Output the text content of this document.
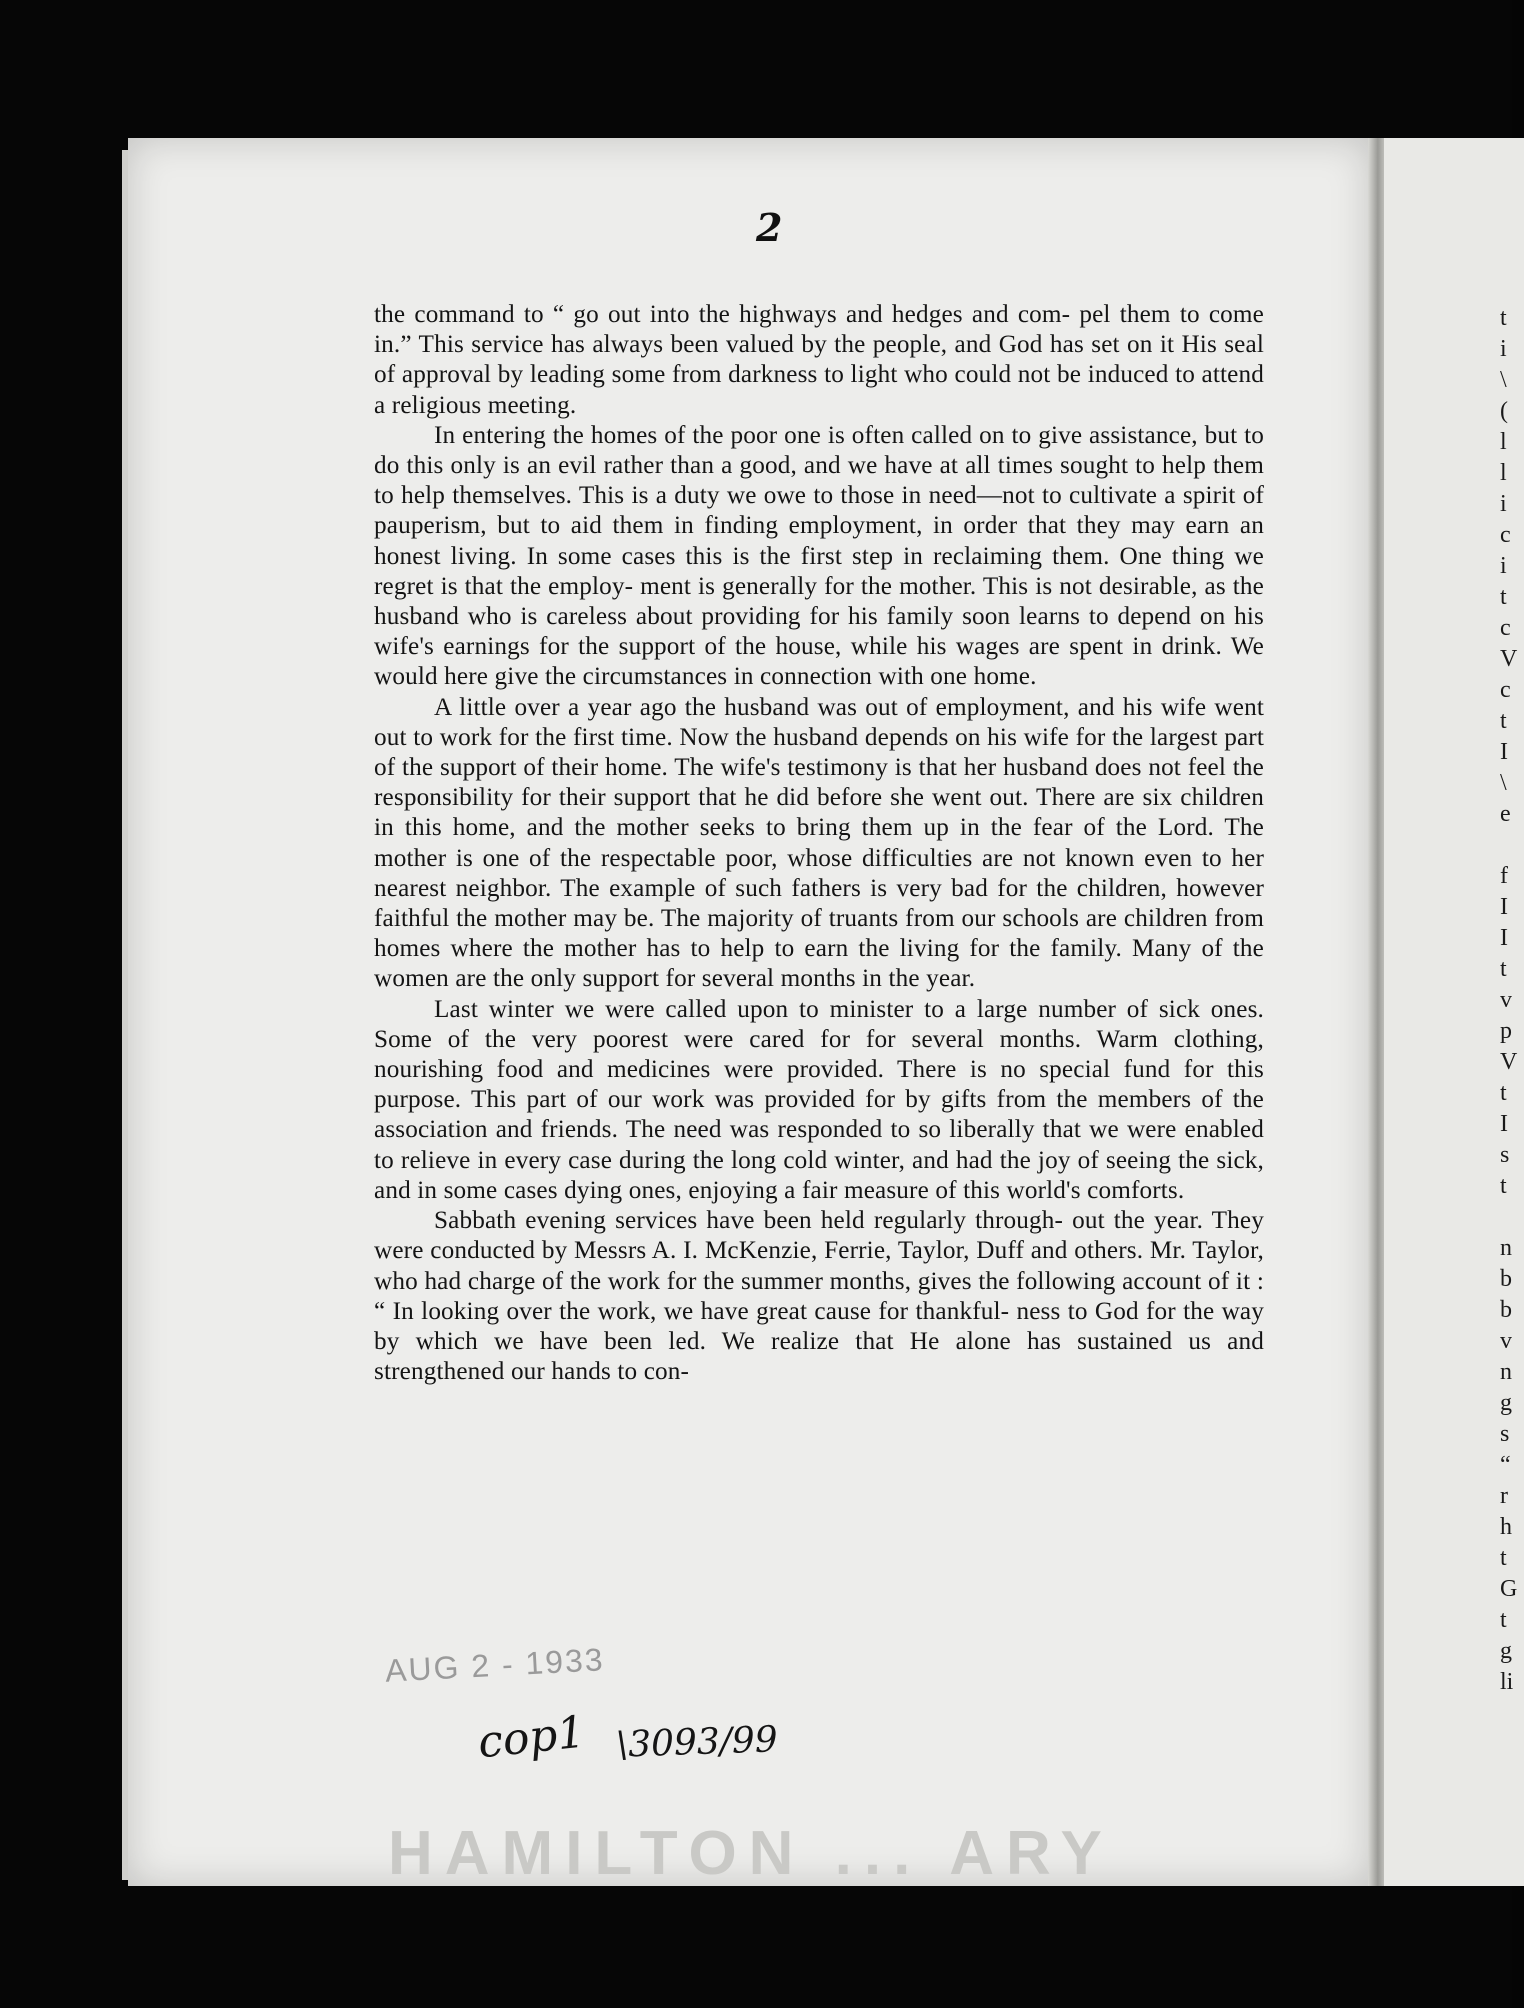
2

the command to “ go out into the highways and hedges and com- pel them to come in.” This service has always been valued by the people, and God has set on it His seal of approval by leading some from darkness to light who could not be induced to attend a religious meeting.

In entering the homes of the poor one is often called on to give assistance, but to do this only is an evil rather than a good, and we have at all times sought to help them to help themselves. This is a duty we owe to those in need—not to cultivate a spirit of pauperism, but to aid them in finding employment, in order that they may earn an honest living. In some cases this is the first step in reclaiming them. One thing we regret is that the employ- ment is generally for the mother. This is not desirable, as the husband who is careless about providing for his family soon learns to depend on his wife's earnings for the support of the house, while his wages are spent in drink. We would here give the circumstances in connection with one home.

A little over a year ago the husband was out of employment, and his wife went out to work for the first time. Now the husband depends on his wife for the largest part of the support of their home. The wife's testimony is that her husband does not feel the responsibility for their support that he did before she went out. There are six children in this home, and the mother seeks to bring them up in the fear of the Lord. The mother is one of the respectable poor, whose difficulties are not known even to her nearest neighbor. The example of such fathers is very bad for the children, however faithful the mother may be. The majority of truants from our schools are children from homes where the mother has to help to earn the living for the family. Many of the women are the only support for several months in the year.

Last winter we were called upon to minister to a large number of sick ones. Some of the very poorest were cared for for several months. Warm clothing, nourishing food and medicines were provided. There is no special fund for this purpose. This part of our work was provided for by gifts from the members of the association and friends. The need was responded to so liberally that we were enabled to relieve in every case during the long cold winter, and had the joy of seeing the sick, and in some cases dying ones, enjoying a fair measure of this world's comforts.

Sabbath evening services have been held regularly through- out the year. They were conducted by Messrs A. I. McKenzie, Ferrie, Taylor, Duff and others. Mr. Taylor, who had charge of the work for the summer months, gives the following account of it : “ In looking over the work, we have great cause for thankful- ness to God for the way by which we have been led. We realize that He alone has sustained us and strengthened our hands to con-

AUG 2 - 1933
cop1 \3093/99
HAMILTON ... ARY
t
i
\
(
l
l
i
c
i
t
c
V
c
t
I
\
e
f
I
I
t
v
p
V
t
I
s
t
n
b
b
v
n
g
s
“
r
h
t
G
t
g
li
